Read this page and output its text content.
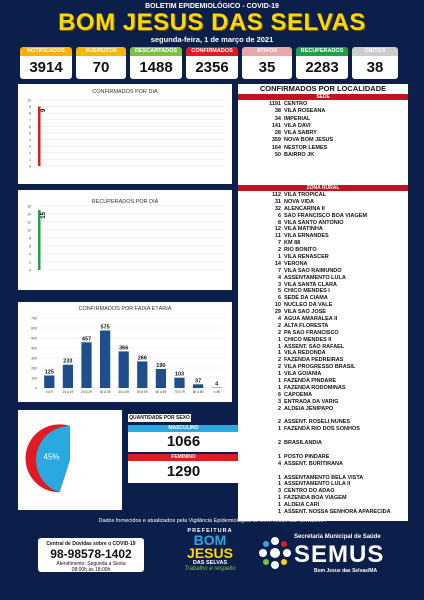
BOLETIM EPIDEMIOLÓGICO - COVID-19
BOM JESUS DAS SELVAS
segunda-feira, 1 de março de 2021
NOTIFICADOS
3914
SUSPEITOS
70
DESCARTADOS
1488
CONFIRMADOS
2356
ATIVOS
35
RECUPERADOS
2283
ÓBITOS
38
CONFIRMADOS POR DIA
10
9
8
7
6
5
4
3
2
1
0
9
RECUPERADOS POR DIA
16
14
12
10
8
6
4
2
0
15
CONFIRMADOS POR FAIXA ETÁRIA
700
600
500
400
300
200
100
0
125
0 a 9
233
10 a 19
457
20 a 29
575
30 a 39
366
40 a 49
266
50 a 59
190
60 a 69
103
70 a 79
37
80 a 89
4
>=90
55%
45%
QUANTIDADE POR SEXO
MASCULINO
1066
FEMININO
1290
CONFIRMADOS POR LOCALIDADE
SEDE
1191 CENTRO
38 VILA ROSEANA
34 IMPERIAL
141 VILA DAVI
28 VILA SABRY
359 NOVA BOM JESUS
164 NESTOR LEMES
50 BAIRRO JK
ZONA RURAL
112 VILA TROPICAL
31 NOVA VIDA
32 ALENCARINA II
6 SÃO FRANCISCO BOA VIAGEM
8 VILA SANTO ANTONIO
12 VILA MATINHA
11 VILA ERNANDES
7 KM 88
2 RIO BONITO
1 VILA RENASCER
14 VERONA
7 VILA SÃO RAIMUNDO
4 ASSENTAMENTO LULA
3 VILA SANTA CLARA
5 CHICO MENDES I
6 SEDE DA CIAMA
10 NUCLEO DA VALE
29 VILA SÃO JOSÉ
4 AGUA AMARALEA II
2 ALTA FLORESTA
2 PA SÃO FRANCISCO
1 CHICO MENDES II
1 ASSENT. SÃO RAFAEL
1 VILA REDONDA
2 FAZENDA PEDREIRAS
2 VILA PROGRESSO BRASIL
1 VILA GOIANIA
1 FAZENDA PINDARÉ
1 FAZENDA RODOMINAS
6 CAPOEMA
3 ENTRADA DA VARIG
2 ALDEIA JENIPAPO
2 ASSENT. ROSELI NUNES
1 FAZENDA RIO DOS SONHOS
2 BRASILANDIA
1 POSTO PINDARÉ
4 ASSENT. BURITIRANA
1 ASSENTAMENTO BELA VISTA
1 ASSENTAMENTO LULA II
3 CENTRO DO ADÃO
1 FAZENDA BOA VIAGEM
1 ALDEIA CARÍ
1 ASSENT. NOSSA SENHORA APARECIDA
Dados fornecidos e atualizados pela Vigilância Epidemiológica de Bom Jesus das Selvas/MA
Central de Dúvidas sobre o COVID-19
98-98578-1402
Atendimento: Segunda a Sexta
08:00h às 18:00h
PREFEITURA
BOM
JESUS
DAS SELVAS
Trabalho e respeito
Secretaria Municipal de Saúde
SEMUS
Bom Jesus das Selvas/MA
